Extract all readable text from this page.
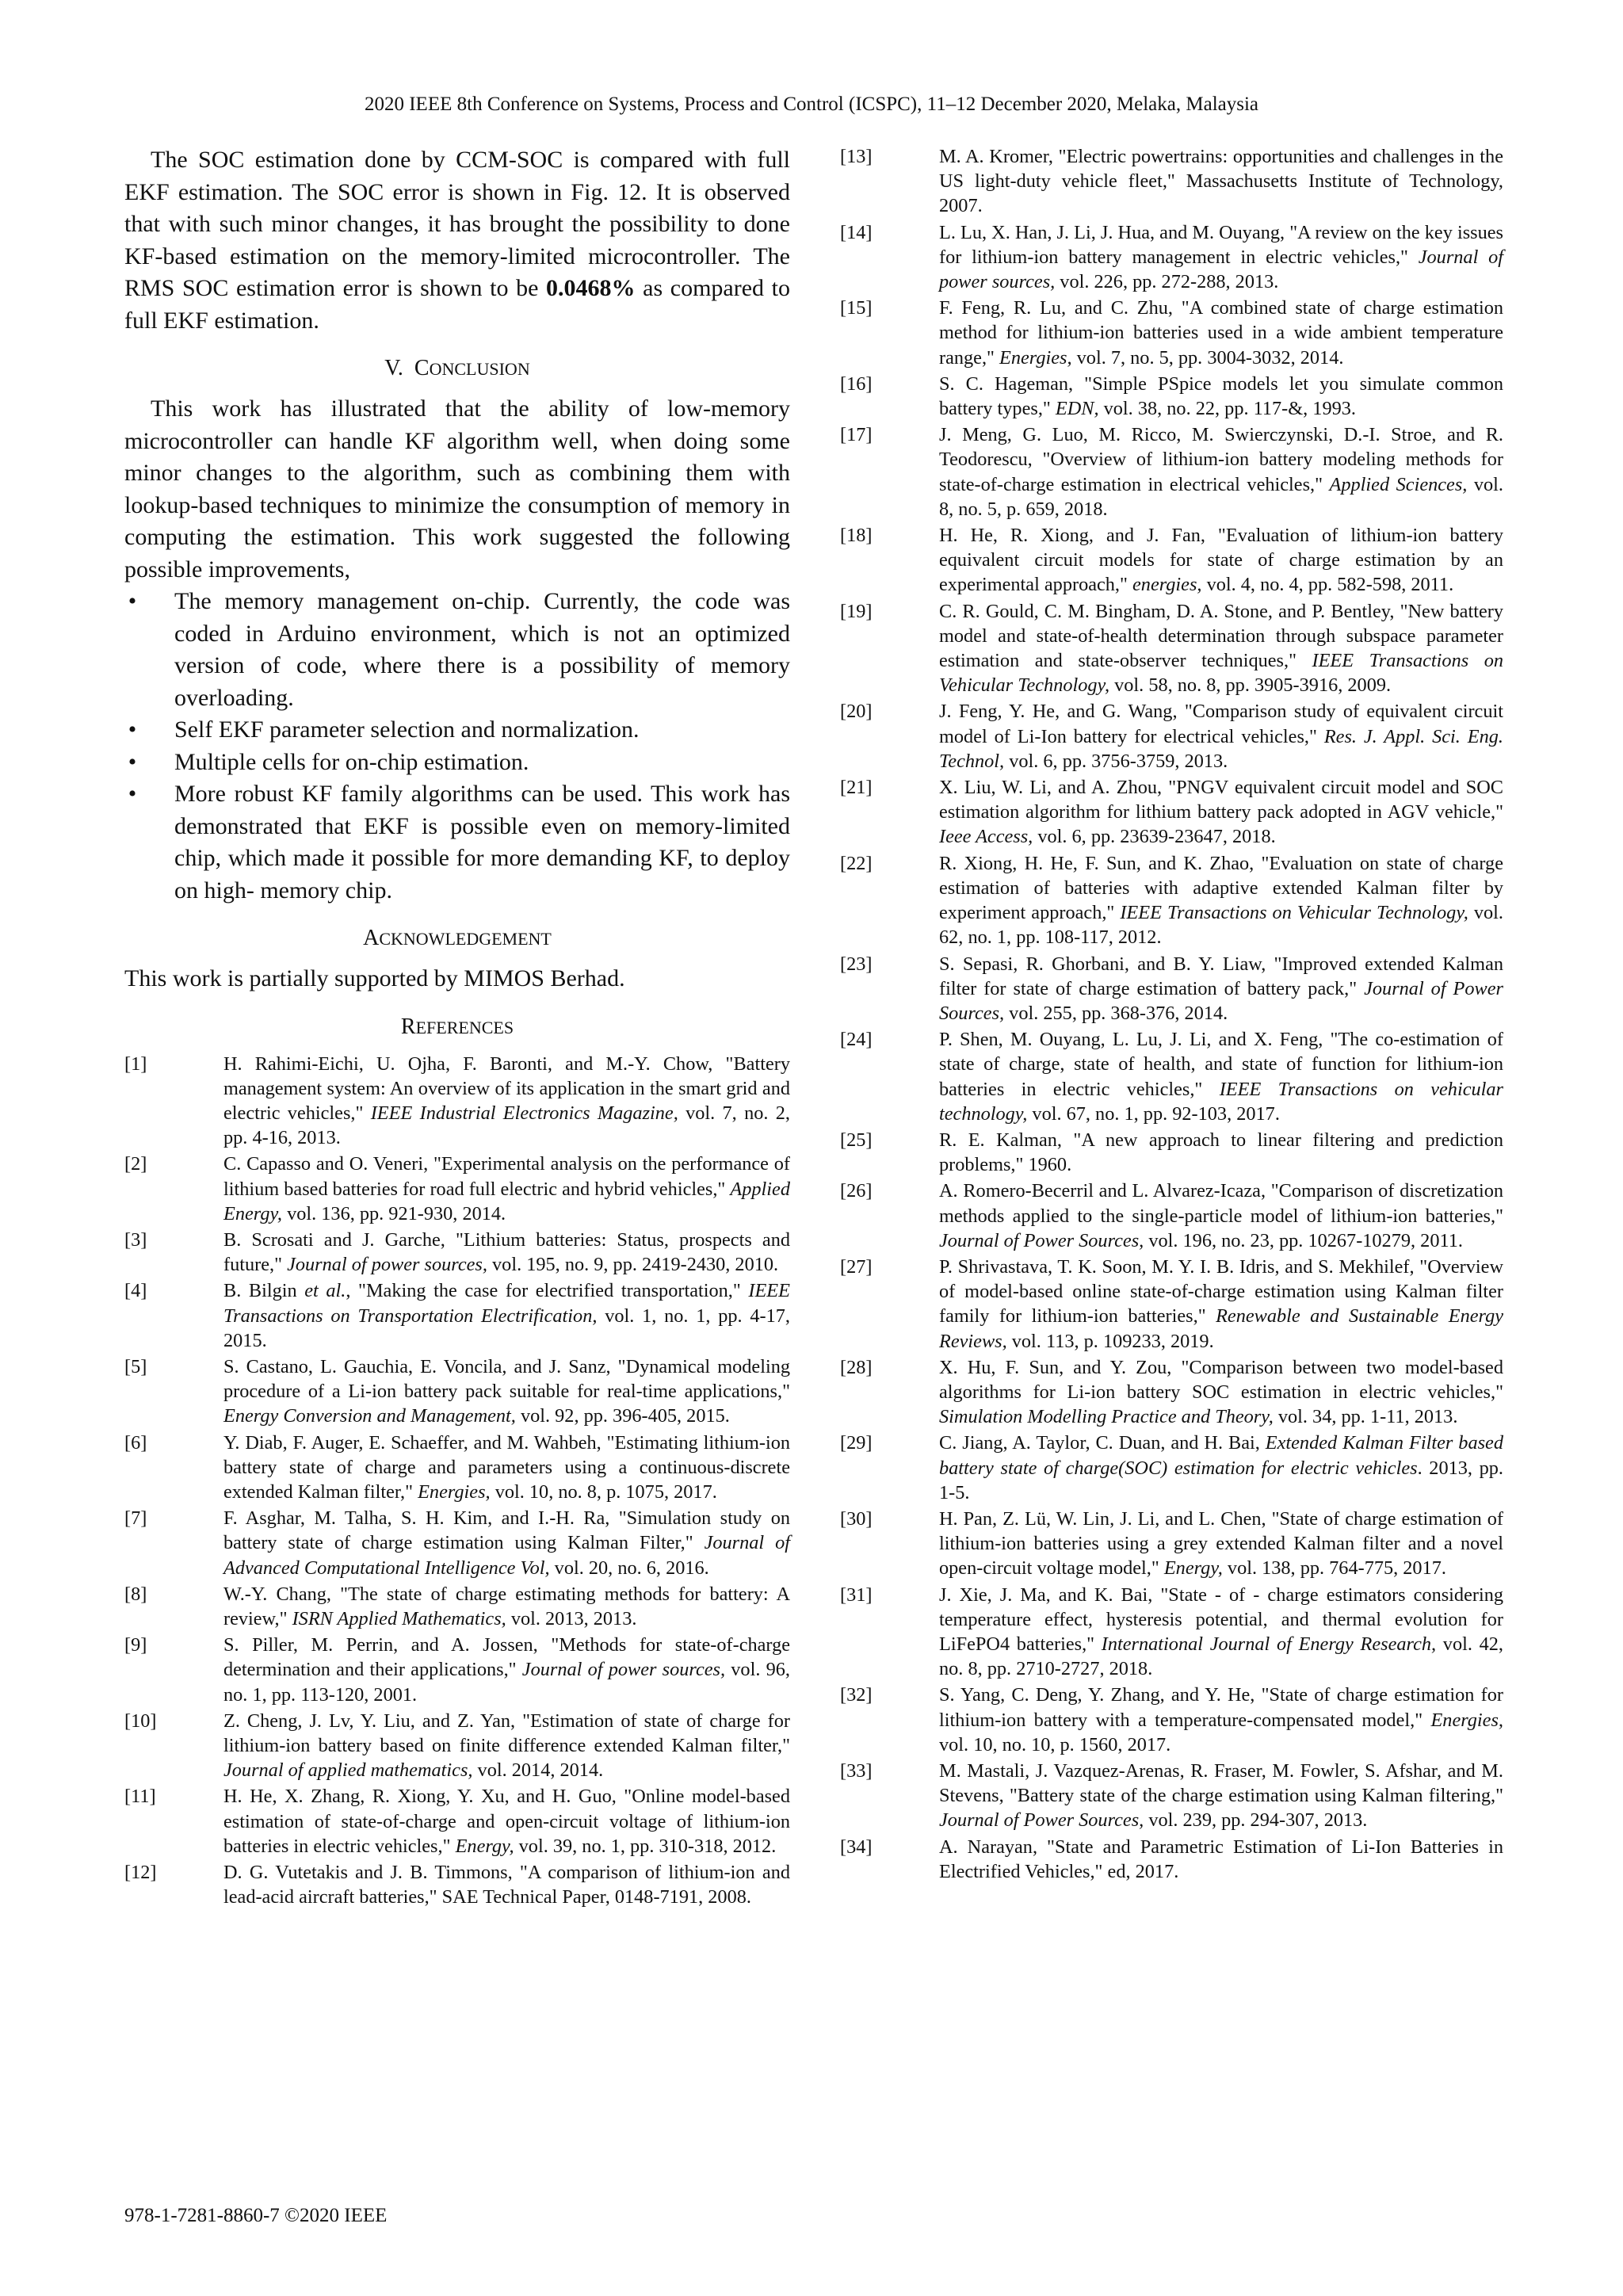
2020 IEEE 8th Conference on Systems, Process and Control (ICSPC), 11–12 December 2020, Melaka, Malaysia

The SOC estimation done by CCM-SOC is compared with full EKF estimation. The SOC error is shown in Fig. 12. It is observed that with such minor changes, it has brought the possibility to done KF-based estimation on the memory-limited microcontroller. The RMS SOC estimation error is shown to be 0.0468% as compared to full EKF estimation.

V. CONCLUSION

This work has illustrated that the ability of low-memory microcontroller can handle KF algorithm well, when doing some minor changes to the algorithm, such as combining them with lookup-based techniques to minimize the consumption of memory in computing the estimation. This work suggested the following possible improvements,

• The memory management on-chip. Currently, the code was coded in Arduino environment, which is not an optimized version of code, where there is a possibility of memory overloading.
• Self EKF parameter selection and normalization.
• Multiple cells for on-chip estimation.
• More robust KF family algorithms can be used. This work has demonstrated that EKF is possible even on memory-limited chip, which made it possible for more demanding KF, to deploy on high- memory chip.
ACKNOWLEDGEMENT

This work is partially supported by MIMOS Berhad.

REFERENCES
[1]	H. Rahimi-Eichi, U. Ojha, F. Baronti, and M.-Y. Chow, "Battery management system: An overview of its application in the smart grid and electric vehicles," IEEE Industrial Electronics Magazine, vol. 7, no. 2, pp. 4-16, 2013.
[2]	C. Capasso and O. Veneri, "Experimental analysis on the performance of lithium based batteries for road full electric and hybrid vehicles," Applied Energy, vol. 136, pp. 921-930, 2014.
[3]	B. Scrosati and J. Garche, "Lithium batteries: Status, prospects and future," Journal of power sources, vol. 195, no. 9, pp. 2419-2430, 2010.
[4]	B. Bilgin et al., "Making the case for electrified transportation," IEEE Transactions on Transportation Electrification, vol. 1, no. 1, pp. 4-17, 2015.
[5]	S. Castano, L. Gauchia, E. Voncila, and J. Sanz, "Dynamical modeling procedure of a Li-ion battery pack suitable for real-time applications," Energy Conversion and Management, vol. 92, pp. 396-405, 2015.
[6]	Y. Diab, F. Auger, E. Schaeffer, and M. Wahbeh, "Estimating lithium-ion battery state of charge and parameters using a continuous-discrete extended Kalman filter," Energies, vol. 10, no. 8, p. 1075, 2017.
[7]	F. Asghar, M. Talha, S. H. Kim, and I.-H. Ra, "Simulation study on battery state of charge estimation using Kalman Filter," Journal of Advanced Computational Intelligence Vol, vol. 20, no. 6, 2016.
[8]	W.-Y. Chang, "The state of charge estimating methods for battery: A review," ISRN Applied Mathematics, vol. 2013, 2013.
[9]	S. Piller, M. Perrin, and A. Jossen, "Methods for state-of-charge determination and their applications," Journal of power sources, vol. 96, no. 1, pp. 113-120, 2001.
[10]	Z. Cheng, J. Lv, Y. Liu, and Z. Yan, "Estimation of state of charge for lithium-ion battery based on finite difference extended Kalman filter," Journal of applied mathematics, vol. 2014, 2014.
[11]	H. He, X. Zhang, R. Xiong, Y. Xu, and H. Guo, "Online model-based estimation of state-of-charge and open-circuit voltage of lithium-ion batteries in electric vehicles," Energy, vol. 39, no. 1, pp. 310-318, 2012.
[12]	D. G. Vutetakis and J. B. Timmons, "A comparison of lithium-ion and lead-acid aircraft batteries," SAE Technical Paper, 0148-7191, 2008.
[13]	M. A. Kromer, "Electric powertrains: opportunities and challenges in the US light-duty vehicle fleet," Massachusetts Institute of Technology, 2007.
[14]	L. Lu, X. Han, J. Li, J. Hua, and M. Ouyang, "A review on the key issues for lithium-ion battery management in electric vehicles," Journal of power sources, vol. 226, pp. 272-288, 2013.
[15]	F. Feng, R. Lu, and C. Zhu, "A combined state of charge estimation method for lithium-ion batteries used in a wide ambient temperature range," Energies, vol. 7, no. 5, pp. 3004-3032, 2014.
[16]	S. C. Hageman, "Simple PSpice models let you simulate common battery types," EDN, vol. 38, no. 22, pp. 117-&, 1993.
[17]	J. Meng, G. Luo, M. Ricco, M. Swierczynski, D.-I. Stroe, and R. Teodorescu, "Overview of lithium-ion battery modeling methods for state-of-charge estimation in electrical vehicles," Applied Sciences, vol. 8, no. 5, p. 659, 2018.
[18]	H. He, R. Xiong, and J. Fan, "Evaluation of lithium-ion battery equivalent circuit models for state of charge estimation by an experimental approach," energies, vol. 4, no. 4, pp. 582-598, 2011.
[19]	C. R. Gould, C. M. Bingham, D. A. Stone, and P. Bentley, "New battery model and state-of-health determination through subspace parameter estimation and state-observer techniques," IEEE Transactions on Vehicular Technology, vol. 58, no. 8, pp. 3905-3916, 2009.
[20]	J. Feng, Y. He, and G. Wang, "Comparison study of equivalent circuit model of Li-Ion battery for electrical vehicles," Res. J. Appl. Sci. Eng. Technol, vol. 6, pp. 3756-3759, 2013.
[21]	X. Liu, W. Li, and A. Zhou, "PNGV equivalent circuit model and SOC estimation algorithm for lithium battery pack adopted in AGV vehicle," Ieee Access, vol. 6, pp. 23639-23647, 2018.
[22]	R. Xiong, H. He, F. Sun, and K. Zhao, "Evaluation on state of charge estimation of batteries with adaptive extended Kalman filter by experiment approach," IEEE Transactions on Vehicular Technology, vol. 62, no. 1, pp. 108-117, 2012.
[23]	S. Sepasi, R. Ghorbani, and B. Y. Liaw, "Improved extended Kalman filter for state of charge estimation of battery pack," Journal of Power Sources, vol. 255, pp. 368-376, 2014.
[24]	P. Shen, M. Ouyang, L. Lu, J. Li, and X. Feng, "The co-estimation of state of charge, state of health, and state of function for lithium-ion batteries in electric vehicles," IEEE Transactions on vehicular technology, vol. 67, no. 1, pp. 92-103, 2017.
[25]	R. E. Kalman, "A new approach to linear filtering and prediction problems," 1960.
[26]	A. Romero-Becerril and L. Alvarez-Icaza, "Comparison of discretization methods applied to the single-particle model of lithium-ion batteries," Journal of Power Sources, vol. 196, no. 23, pp. 10267-10279, 2011.
[27]	P. Shrivastava, T. K. Soon, M. Y. I. B. Idris, and S. Mekhilef, "Overview of model-based online state-of-charge estimation using Kalman filter family for lithium-ion batteries," Renewable and Sustainable Energy Reviews, vol. 113, p. 109233, 2019.
[28]	X. Hu, F. Sun, and Y. Zou, "Comparison between two model-based algorithms for Li-ion battery SOC estimation in electric vehicles," Simulation Modelling Practice and Theory, vol. 34, pp. 1-11, 2013.
[29]	C. Jiang, A. Taylor, C. Duan, and H. Bai, Extended Kalman Filter based battery state of charge(SOC) estimation for electric vehicles. 2013, pp. 1-5.
[30]	H. Pan, Z. Lü, W. Lin, J. Li, and L. Chen, "State of charge estimation of lithium-ion batteries using a grey extended Kalman filter and a novel open-circuit voltage model," Energy, vol. 138, pp. 764-775, 2017.
[31]	J. Xie, J. Ma, and K. Bai, "State - of - charge estimators considering temperature effect, hysteresis potential, and thermal evolution for LiFePO4 batteries," International Journal of Energy Research, vol. 42, no. 8, pp. 2710-2727, 2018.
[32]	S. Yang, C. Deng, Y. Zhang, and Y. He, "State of charge estimation for lithium-ion battery with a temperature-compensated model," Energies, vol. 10, no. 10, p. 1560, 2017.
[33]	M. Mastali, J. Vazquez-Arenas, R. Fraser, M. Fowler, S. Afshar, and M. Stevens, "Battery state of the charge estimation using Kalman filtering," Journal of Power Sources, vol. 239, pp. 294-307, 2013.
[34]	A. Narayan, "State and Parametric Estimation of Li-Ion Batteries in Electrified Vehicles," ed, 2017.
978-1-7281-8860-7 ©2020 IEEE
